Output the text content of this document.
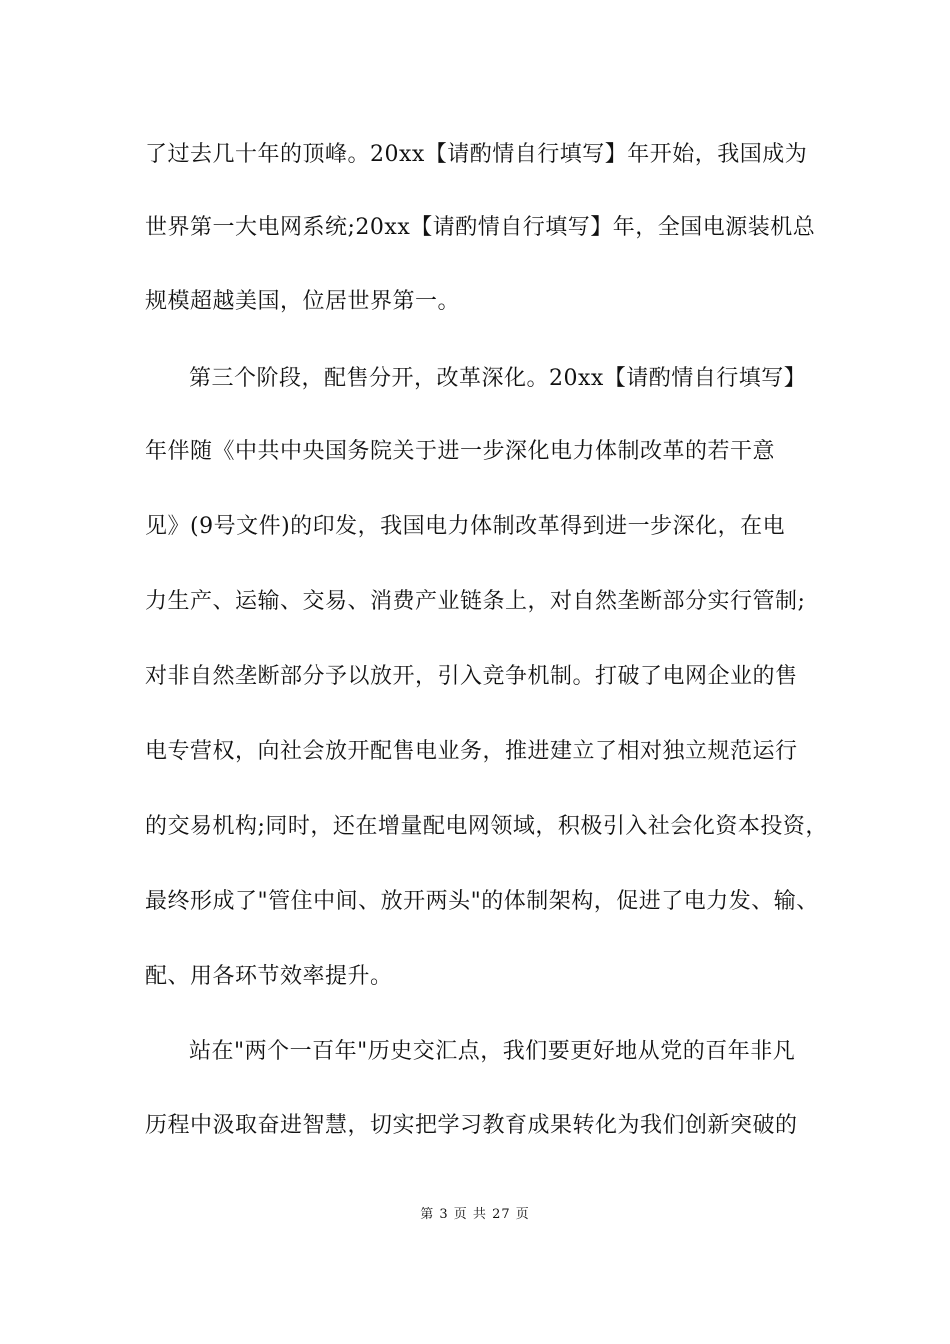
了过去几十年的顶峰。20xx【请酌情自行填写】年开始，我国成为
世界第一大电网系统;20xx【请酌情自行填写】年，全国电源装机总
规模超越美国，位居世界第一。
第三个阶段，配售分开，改革深化。20xx【请酌情自行填写】
年伴随《中共中央国务院关于进一步深化电力体制改革的若干意
见》(9号文件)的印发，我国电力体制改革得到进一步深化，在电
力生产、运输、交易、消费产业链条上，对自然垄断部分实行管制;
对非自然垄断部分予以放开，引入竞争机制。打破了电网企业的售
电专营权，向社会放开配售电业务，推进建立了相对独立规范运行
的交易机构;同时，还在增量配电网领域，积极引入社会化资本投资，
最终形成了"管住中间、放开两头"的体制架构，促进了电力发、输、
配、用各环节效率提升。
站在"两个一百年"历史交汇点，我们要更好地从党的百年非凡
历程中汲取奋进智慧，切实把学习教育成果转化为我们创新突破的
第 3 页 共 27 页
